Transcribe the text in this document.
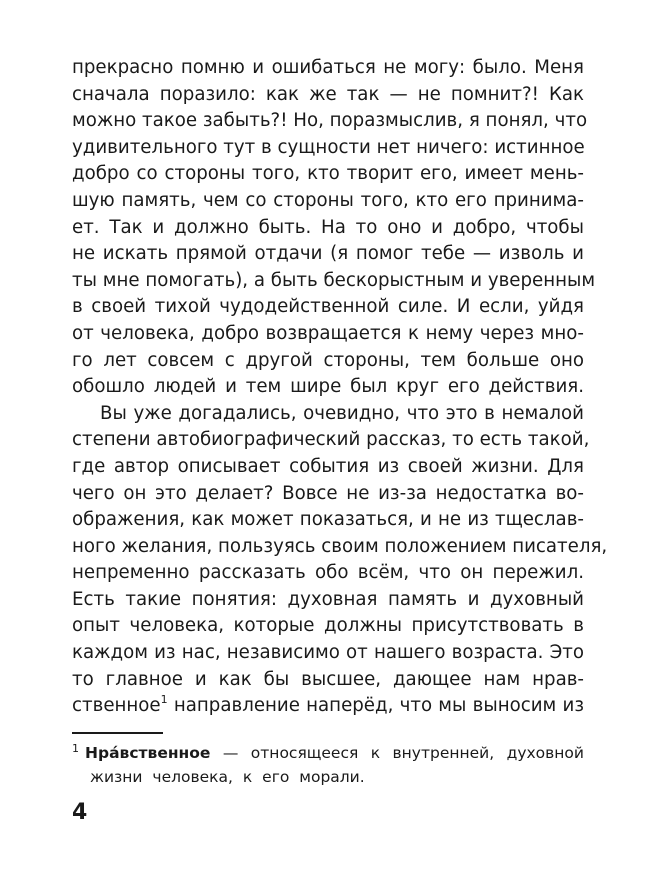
прекрасно помню и ошибаться не могу: было. Меня
сначала поразило: как же так — не помнит?! Как
можно такое забыть?! Но, поразмыслив, я понял, что
удивительного тут в сущности нет ничего: истинное
добро со стороны того, кто творит его, имеет мень-
шую память, чем со стороны того, кто его принима-
ет. Так и должно быть. На то оно и добро, чтобы
не искать прямой отдачи (я помог тебе — изволь и
ты мне помогать), а быть бескорыстным и уверенным
в своей тихой чудодейственной силе. И если, уйдя
от человека, добро возвращается к нему через мно-
го лет совсем с другой стороны, тем больше оно
обошло людей и тем шире был круг его действия.
Вы уже догадались, очевидно, что это в немалой
степени автобиографический рассказ, то есть такой,
где автор описывает события из своей жизни. Для
чего он это делает? Вовсе не из-за недостатка во-
ображения, как может показаться, и не из тщеслав-
ного желания, пользуясь своим положением писателя,
непременно рассказать обо всём, что он пережил.
Есть такие понятия: духовная память и духовный
опыт человека, которые должны присутствовать в
каждом из нас, независимо от нашего возраста. Это
то главное и как бы высшее, дающее нам нрав-
ственное$^1$ направление наперёд, что мы выносим из
$^1$ Нра́вственное — относящееся к внутренней, духовной
жизни человека, к его морали.
4
